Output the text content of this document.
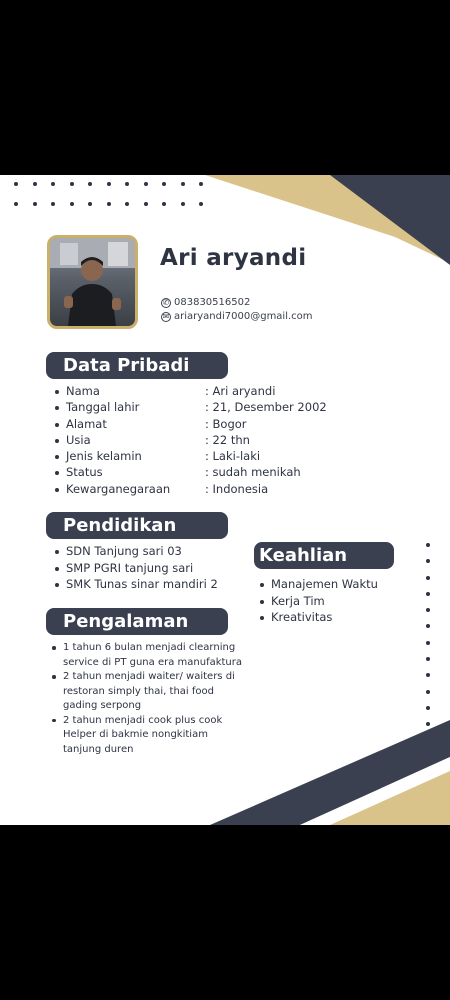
Ari aryandi
✆ 083830516502
✉ ariaryandi7000@gmail.com
Data Pribadi
Nama	: Ari aryandi
Tanggal lahir	: 21, Desember 2002
Alamat	: Bogor
Usia	: 22 thn
Jenis kelamin	: Laki-laki
Status	: sudah menikah
Kewarganegaraan	: Indonesia
Pendidikan
SDN Tanjung sari 03
SMP PGRI tanjung sari
SMK Tunas sinar mandiri 2
Keahlian
Manajemen Waktu
Kerja Tim
Kreativitas
Pengalaman
1 tahun 6 bulan menjadi clearning service di PT guna era manufaktura
2 tahun menjadi waiter/ waiters di restoran simply thai, thai food gading serpong
2 tahun menjadi cook plus cook Helper di bakmie nongkitiam tanjung duren
